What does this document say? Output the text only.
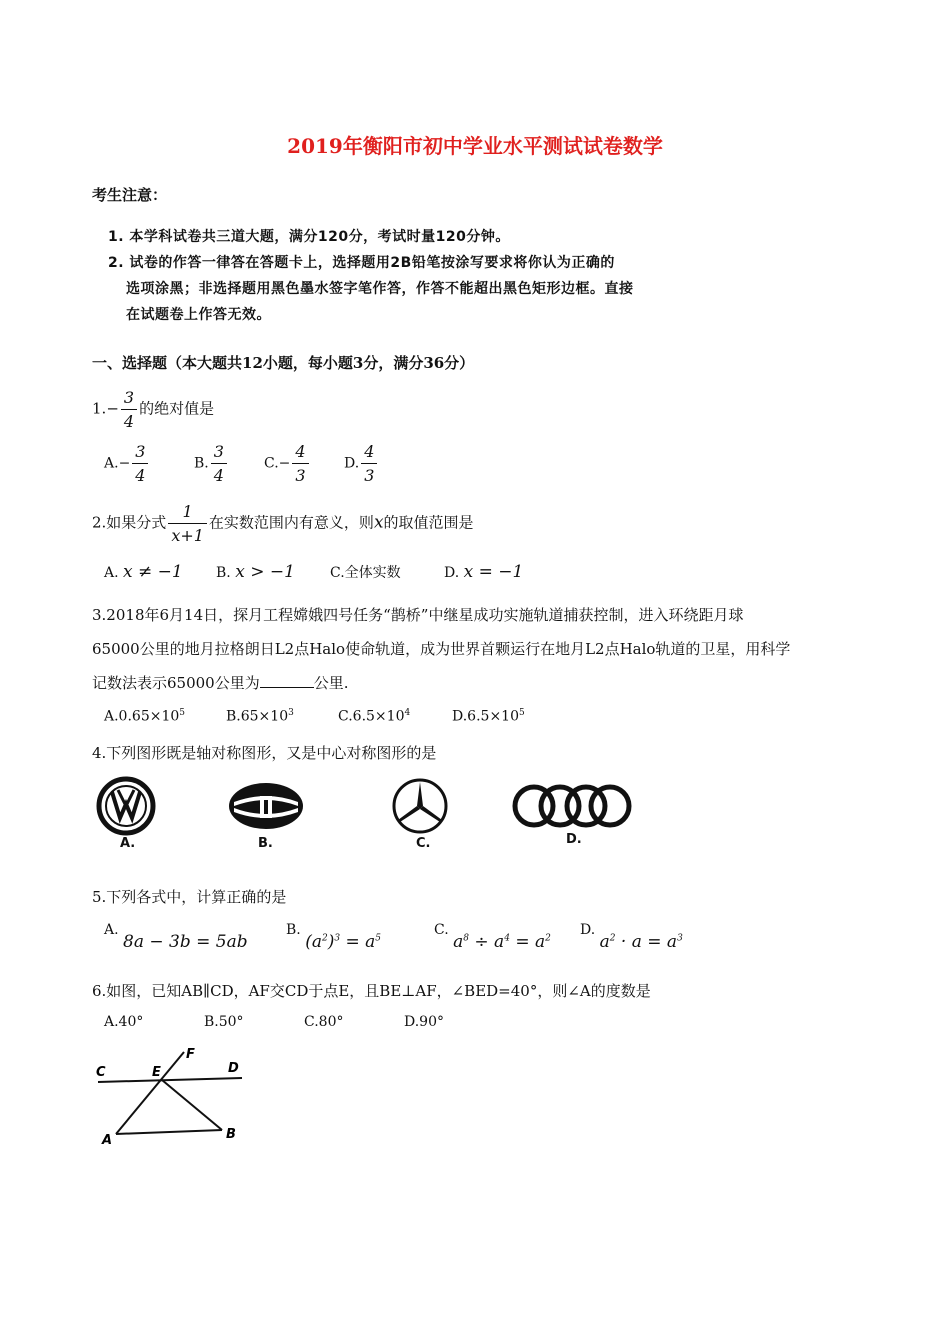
2019年衡阳市初中学业水平测试试卷数学
考生注意：
1. 本学科试卷共三道大题，满分120分，考试时量120分钟。
2. 试卷的作答一律答在答题卡上，选择题用2B铅笔按涂写要求将你认为正确的
选项涂黑；非选择题用黑色墨水签字笔作答，作答不能超出黑色矩形边框。直接
在试题卷上作答无效。
一、选择题（本大题共12小题，每小题3分，满分36分）
$1.- \frac{3}{4}$ 的绝对值是
$A.- \frac{3}{4}$	B. $\frac{3}{4}$	$C.- \frac{4}{3}$	D. $\frac{4}{3}$
2.如果分式 $\frac{1}{x+1}$ 在实数范围内有意义，则x的取值范围是
A. x ≠ −1 B. x > −1	C.全体实数	D. x = −1
3.2018年6月14日，探月工程嫦娥四号任务“鹊桥”中继星成功实施轨道捕获控制，进入环绕距月球
65000公里的地月拉格朗日L2点Halo使命轨道，成为世界首颗运行在地月L2点Halo轨道的卫星，用科学
记数法表示65000公里为	公里.
$A.0.65\times 10^5$	$B.65\times 10^3$	$C.6.5\times 10^4$	$D.6.5\times 10^5$
4.下列图形既是轴对称图形，又是中心对称图形的是
A.	B.	C.	D.
5.下列各式中，计算正确的是
A. 8a − 3b = 5ab
B. $(a^2)^3 = a^5$
C. $a^8 \div a^4 = a^2$
D. $a^2 \cdot a = a^3$
6.如图，已知AB∥CD，AF交CD于点E，且BE⊥AF，∠BED=40°，则∠A的度数是
A.40°	B.50°	C.80°	D.90°
C	E
F
D
A	B
